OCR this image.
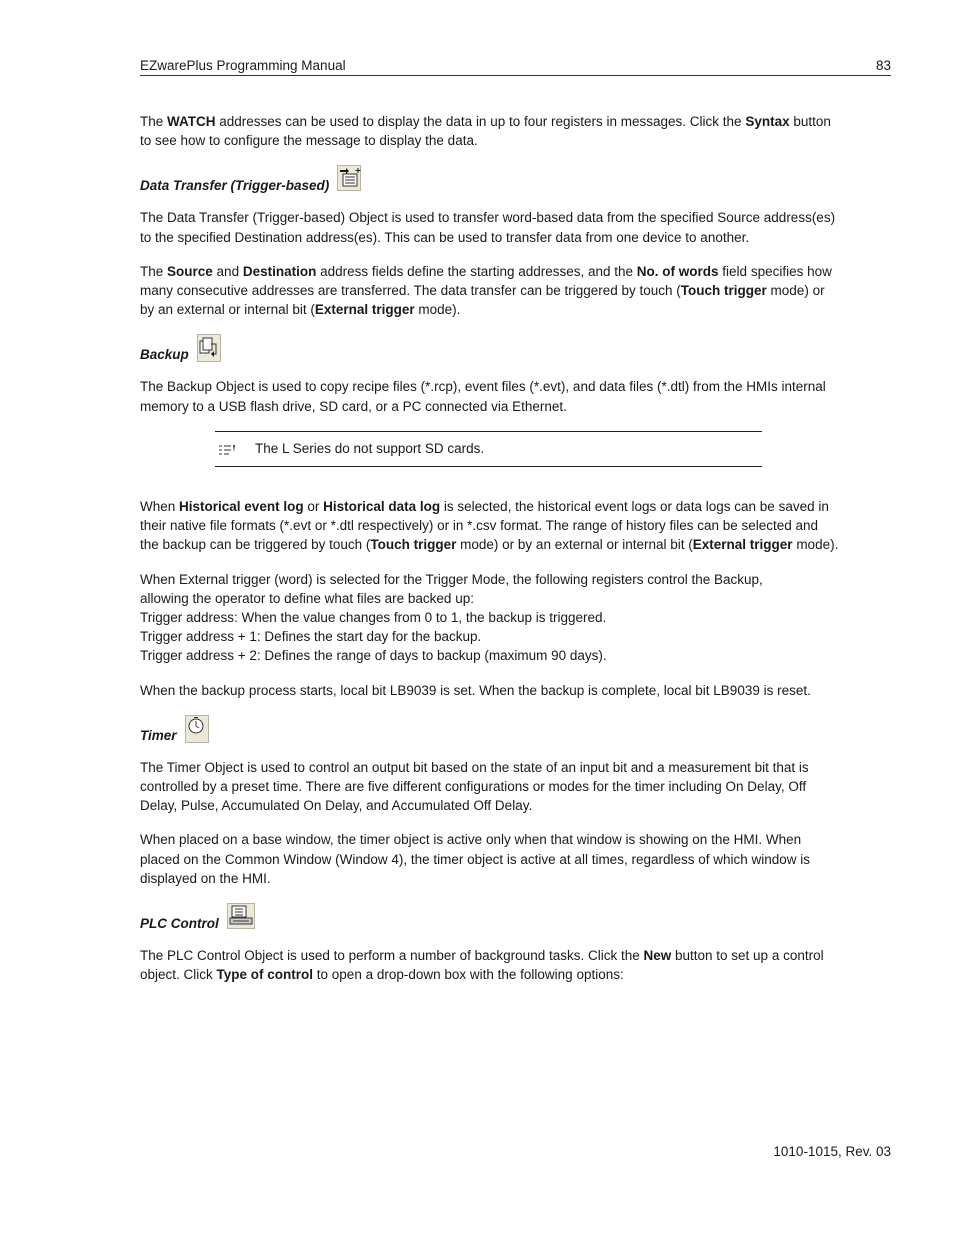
EZwarePlus Programming Manual	83

The WATCH addresses can be used to display the data in up to four registers in messages. Click the Syntax button to see how to configure the message to display the data.

Data Transfer (Trigger-based)

The Data Transfer (Trigger-based) Object is used to transfer word-based data from the specified Source address(es) to the specified Destination address(es). This can be used to transfer data from one device to another.

The Source and Destination address fields define the starting addresses, and the No. of words field specifies how many consecutive addresses are transferred. The data transfer can be triggered by touch (Touch trigger mode) or by an external or internal bit (External trigger mode).

Backup

The Backup Object is used to copy recipe files (*.rcp), event files (*.evt), and data files (*.dtl) from the HMIs internal memory to a USB flash drive, SD card, or a PC connected via Ethernet.

The L Series do not support SD cards.

When Historical event log or Historical data log is selected, the historical event logs or data logs can be saved in their native file formats (*.evt or *.dtl respectively) or in *.csv format. The range of history files can be selected and the backup can be triggered by touch (Touch trigger mode) or by an external or internal bit (External trigger mode).

When External trigger (word) is selected for the Trigger Mode, the following registers control the Backup,

allowing the operator to define what files are backed up:

Trigger address: When the value changes from 0 to 1, the backup is triggered.

Trigger address + 1: Defines the start day for the backup.

Trigger address + 2: Defines the range of days to backup (maximum 90 days).

When the backup process starts, local bit LB9039 is set. When the backup is complete, local bit LB9039 is reset.

Timer

The Timer Object is used to control an output bit based on the state of an input bit and a measurement bit that is controlled by a preset time. There are five different configurations or modes for the timer including On Delay, Off Delay, Pulse, Accumulated On Delay, and Accumulated Off Delay.

When placed on a base window, the timer object is active only when that window is showing on the HMI. When placed on the Common Window (Window 4), the timer object is active at all times, regardless of which window is displayed on the HMI.

PLC Control

The PLC Control Object is used to perform a number of background tasks. Click the New button to set up a control object. Click Type of control to open a drop-down box with the following options:

1010-1015, Rev. 03
